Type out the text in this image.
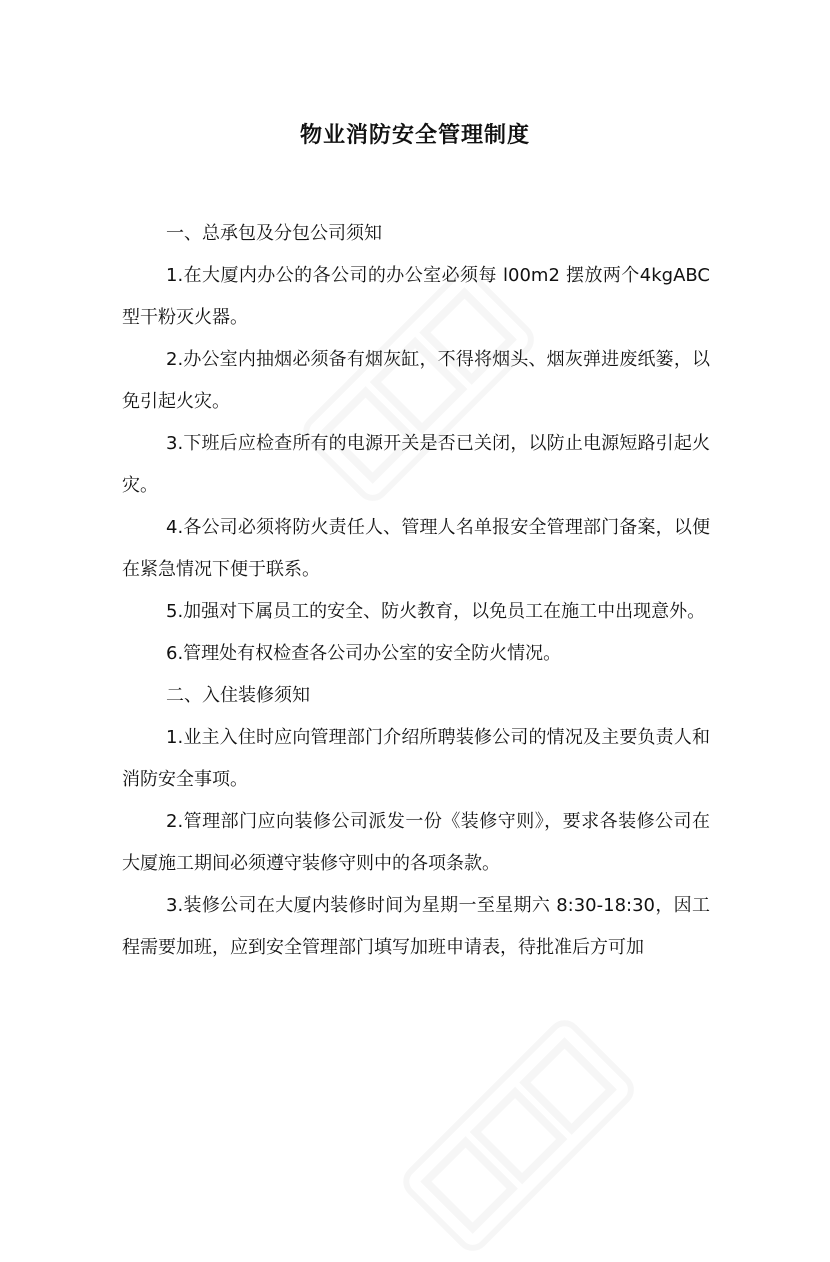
物业消防安全管理制度

一、总承包及分包公司须知

1.在大厦内办公的各公司的办公室必须每 l00m2 摆放两个4kgABC 型干粉灭火器。

2.办公室内抽烟必须备有烟灰缸，不得将烟头、烟灰弹进废纸篓，以免引起火灾。

3.下班后应检查所有的电源开关是否已关闭，以防止电源短路引起火灾。

4.各公司必须将防火责任人、管理人名单报安全管理部门备案，以便在紧急情况下便于联系。

5.加强对下属员工的安全、防火教育，以免员工在施工中出现意外。

6.管理处有权检查各公司办公室的安全防火情况。

二、入住装修须知

1.业主入住时应向管理部门介绍所聘装修公司的情况及主要负责人和消防安全事项。

2.管理部门应向装修公司派发一份《装修守则》，要求各装修公司在大厦施工期间必须遵守装修守则中的各项条款。

3.装修公司在大厦内装修时间为星期一至星期六 8:30-18:30，因工程需要加班，应到安全管理部门填写加班申请表，待批准后方可加
